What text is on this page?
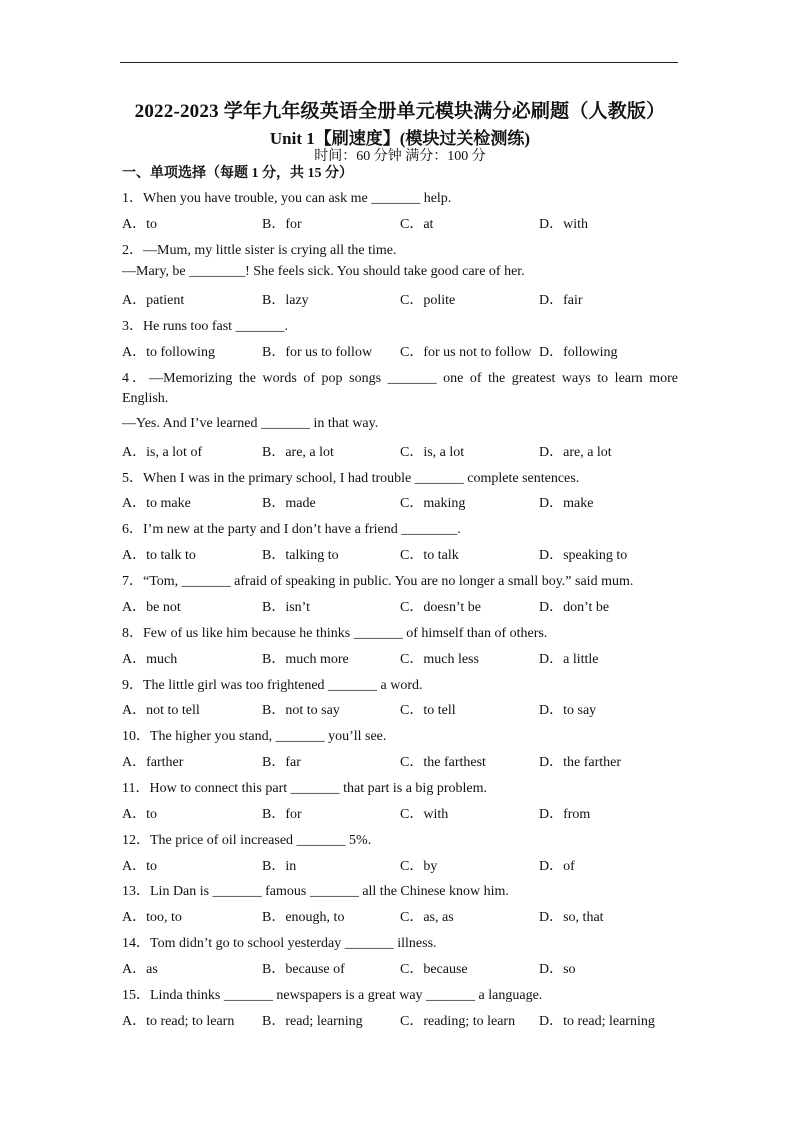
2022-2023 学年九年级英语全册单元模块满分必刷题（人教版）
Unit 1【刷速度】(模块过关检测练)
时间：60 分钟 满分：100 分
一、单项选择（每题 1 分，共 15 分）
1．When you have trouble, you can ask me _______ help.
A．to	B．for	C．at	D．with
2．—Mum, my little sister is crying all the time.
—Mary, be ________! She feels sick. You should take good care of her.
A．patient	B．lazy	C．polite	D．fair
3．He runs too fast _______.
A．to following	B．for us to follow C．for us not to follow D．following
4．—Memorizing the words of pop songs _______ one of the greatest ways to learn more
English.
—Yes. And I’ve learned _______ in that way.
A．is, a lot of	B．are, a lot	C．is, a lot	D．are, a lot
5．When I was in the primary school, I had trouble _______ complete sentences.
A．to make	B．made	C．making	D．make
6．I’m new at the party and I don’t have a friend ________.
A．to talk to	B．talking to	C．to talk	D．speaking to
7．“Tom, _______ afraid of speaking in public. You are no longer a small boy.” said mum.
A．be not	B．isn’t	C．doesn’t be	D．don’t be
8．Few of us like him because he thinks _______ of himself than of others.
A．much	B．much more	C．much less	D．a little
9．The little girl was too frightened _______ a word.
A．not to tell	B．not to say	C．to tell	D．to say
10．The higher you stand, _______ you’ll see.
A．farther	B．far	C．the farthest	D．the farther
11．How to connect this part _______ that part is a big problem.
A．to	B．for	C．with	D．from
12．The price of oil increased _______ 5%.
A．to	B．in	C．by	D．of
13．Lin Dan is _______ famous _______ all the Chinese know him.
A．too, to	B．enough, to	C．as, as	D．so, that
14．Tom didn’t go to school yesterday _______ illness.
A．as	B．because of	C．because	D．so
15．Linda thinks _______ newspapers is a great way _______ a language.
A．to read; to learn B．read; learning	C．reading; to learn D．to read; learning
